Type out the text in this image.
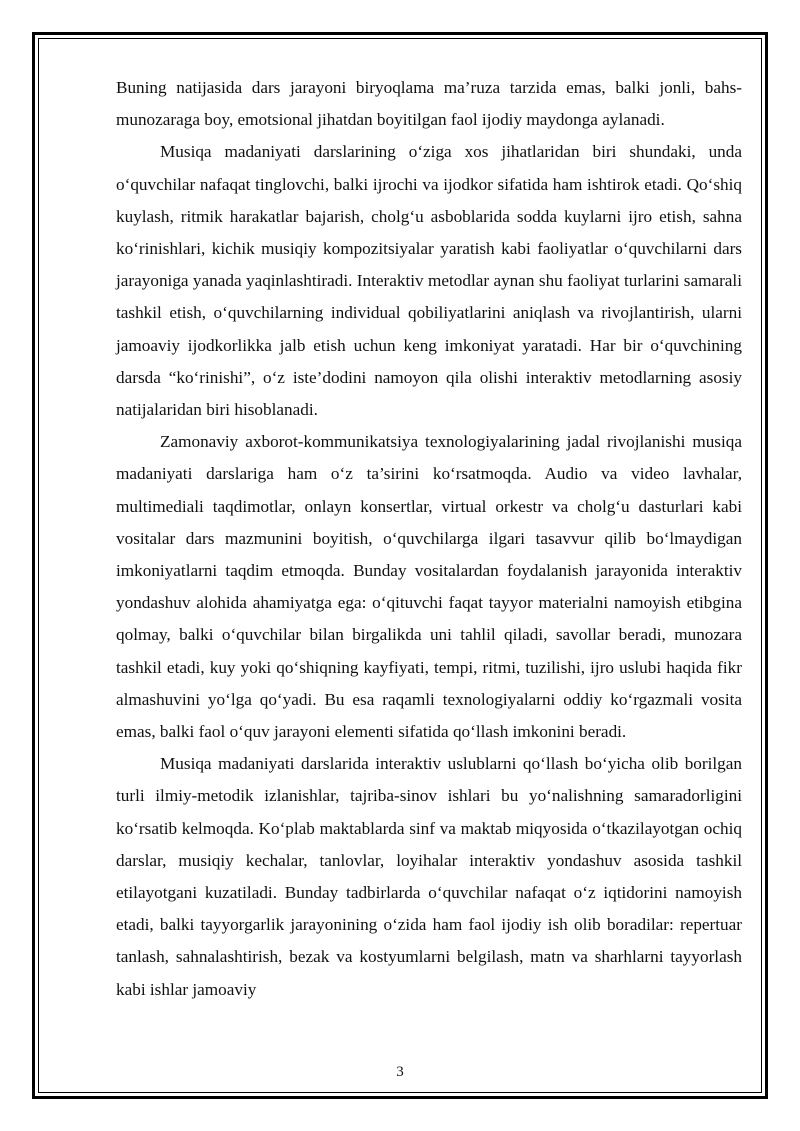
Buning natijasida dars jarayoni biryoqlama ma’ruza tarzida emas, balki jonli, bahs-munozaraga boy, emotsional jihatdan boyitilgan faol ijodiy maydonga aylanadi.

Musiqa madaniyati darslarining o‘ziga xos jihatlaridan biri shundaki, unda o‘quvchilar nafaqat tinglovchi, balki ijrochi va ijodkor sifatida ham ishtirok etadi. Qo‘shiq kuylash, ritmik harakatlar bajarish, cholg‘u asboblarida sodda kuylarni ijro etish, sahna ko‘rinishlari, kichik musiqiy kompozitsiyalar yaratish kabi faoliyatlar o‘quvchilarni dars jarayoniga yanada yaqinlashtiradi. Interaktiv metodlar aynan shu faoliyat turlarini samarali tashkil etish, o‘quvchilarning individual qobiliyatlarini aniqlash va rivojlantirish, ularni jamoaviy ijodkorlikka jalb etish uchun keng imkoniyat yaratadi. Har bir o‘quvchining darsda “ko‘rinishi”, o‘z iste’dodini namoyon qila olishi interaktiv metodlarning asosiy natijalaridan biri hisoblanadi.

Zamonaviy axborot-kommunikatsiya texnologiyalarining jadal rivojlanishi musiqa madaniyati darslariga ham o‘z ta’sirini ko‘rsatmoqda. Audio va video lavhalar, multimediali taqdimotlar, onlayn konsertlar, virtual orkestr va cholg‘u dasturlari kabi vositalar dars mazmunini boyitish, o‘quvchilarga ilgari tasavvur qilib bo‘lmaydigan imkoniyatlarni taqdim etmoqda. Bunday vositalardan foydalanish jarayonida interaktiv yondashuv alohida ahamiyatga ega: o‘qituvchi faqat tayyor materialni namoyish etibgina qolmay, balki o‘quvchilar bilan birgalikda uni tahlil qiladi, savollar beradi, munozara tashkil etadi, kuy yoki qo‘shiqning kayfiyati, tempi, ritmi, tuzilishi, ijro uslubi haqida fikr almashuvini yo‘lga qo‘yadi. Bu esa raqamli texnologiyalarni oddiy ko‘rgazmali vosita emas, balki faol o‘quv jarayoni elementi sifatida qo‘llash imkonini beradi.

Musiqa madaniyati darslarida interaktiv uslublarni qo‘llash bo‘yicha olib borilgan turli ilmiy-metodik izlanishlar, tajriba-sinov ishlari bu yo‘nalishning samaradorligini ko‘rsatib kelmoqda. Ko‘plab maktablarda sinf va maktab miqyosida o‘tkazilayotgan ochiq darslar, musiqiy kechalar, tanlovlar, loyihalar interaktiv yondashuv asosida tashkil etilayotgani kuzatiladi. Bunday tadbirlarda o‘quvchilar nafaqat o‘z iqtidorini namoyish etadi, balki tayyorgarlik jarayonining o‘zida ham faol ijodiy ish olib boradilar: repertuar tanlash, sahnalashtirish, bezak va kostyumlarni belgilash, matn va sharhlarni tayyorlash kabi ishlar jamoaviy

3
